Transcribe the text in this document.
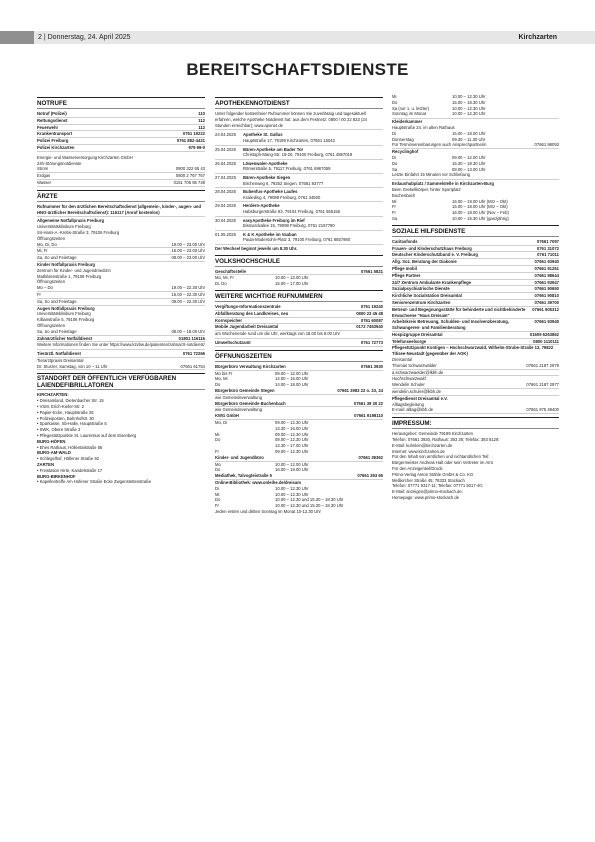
2 | Donnerstag, 24. April 2025	Kirchzarten
BEREITSCHAFTSDIENSTE
NOTRUFE
Notruf (Polizei)	110
Rettungsdienst	112
Feuerwehr	112
Krankentransport	0761 19222
Polizei Freiburg	0761 882-4421
Polizei Kirchzarten	979 99-0
Energie- und Wasserversorgung Kirchzarten GmbH
24h-Störungsnotdienste
Strom	0800 322 55 43
Erdgas	0800 2 767 767
Wasser	0151 705 95 748
ÄRZTE
Rufnummer für den ärztlichen Bereitschaftsdienst (allgemein-, kinder-, augen- und HNO-ärztlicher Bereitschaftsdienst): 116117 (Anruf kostenlos)
Allgemeine Notfallpraxis Freiburg
Universitätsklinikum Freiburg
Sir-Hans-A.-Krebs-Straße 3, 79106 Freiburg
Öffnungszeiten
Mo, Di, Do	19.00 – 23.00 Uhr
Mi, Fr	16.00 – 23.00 Uhr
Sa, So und Feiertage	08.00 – 23.00 Uhr
Kinder Notfallpraxis Freiburg
Zentrum für Kinder- und Jugendmedizin
Mathildenstraße 1, 79106 Freiburg
Öffnungszeiten
Mo – Do	19.00 – 22.30 Uhr
Fr	16.00 – 22.30 Uhr
Sa, So und Feiertage	09.00 – 22.30 Uhr
Augen Notfallpraxis Freiburg
Universitätsklinikum Freiburg
Killianstraße 5, 79106 Freiburg
Öffnungszeiten
Sa, So und Feiertage	08.00 – 18.00 Uhr
Zahnärztlicher Notfalldienst	01801 116116
Weitere Informationen finden Sie unter https://www.kzvbw.de/patienten/zahnarzt-notdienst/
Tierärztl. Notfalldienst	0761 72266
Tierarztpraxis Dreisamtal
Dr. Sturzer, Samstag, von 10 – 11 Uhr	07661 61754
STANDORT DER ÖFFENTLICH VERFÜGBAREN LAIENDEFIBRILLATOREN
KIRCHZARTEN:
• Dreisamland, Dietenbacher Str. 15
• VSM, Erich-Kiefer-Str. 2
• Papier-Ecke, Hauptstraße 26
• Polizeiposten, Bahnhofstr. 30
• Sparkasse, Sb-Halle, Hauptstraße 5
• SWK, Obere Straße 3
• Pflegestützpunkte St. Laurentius auf dem Eisenberg
BURG-HÖFEN
• Ehes Rathaus, Höllentalstraße 56
BURG-AM-WALD
• Schlegelhof, Höllener Straße 92
ZARTEN
• Freistation Hirte, Kandelstraße 17
BURG-BIRKENHOF
• Kapellentreffe Am Hofener Straße Ecke Zwgenstettenstraße
APOTHEKENNOTDIENST
Unter folgender kostenfreier Rufnummer können Sie zuverlässig und tagesaktuell erfahren, welche Apotheke Notdienst hat: aus dem Festnetz: 0800 / 00 22 833 (24 Stunden erreichbar); www.aponet.de
24.04.2025	Apotheke St. Gallus
Hauptstraße 17, 79199 Kirchzarten, 07661 15042
25.04.2025	Bären-Apotheke am Bader Tor
Christoph-Mang-Str. 18-20, 79100 Freiburg, 0761 4887019
26.04.2025	Löwenwaler-Apotheke
Römerstraße 5, 79117 Freiburg, 0761 6967059
27.04.2025	Bären-Apotheke Siegen
Birchenweg 6, 79252 Siegen, 07681 93777
28.04.2025	Bubenfus-Apotheke Laufes
Kraileding 4, 79098 Freiburg, 0761 34500
29.04.2025	Herdern-Apotheke
Habsburgerstraße 93, 79104 Freiburg, 0761 555150
30.04.2025	easyApotheke Freiburg im Rief
Bismarckallee 15, 79098 Freiburg, 0761 2167780
01.05.2025	K & K Apotheke im Vauban
Paula-Modersohn-Platz 3, 79100 Freiburg, 0761 8857980
Der Wechsel beginnt jeweils um 8.30 Uhr.
VOLKSHOCHSCHULE
Geschäftsstelle	07661 5821
Mo, Mi, Fr	10.00 – 13.00 Uhr
Di, Do	15.00 – 17.00 Uhr
WEITERE WICHTIGE RUFNUMMERN
Vergiftungs-Informationszentrale	0761 19240
Abfallberatung des Landkreises, neu	0800 23 45 48
Kornspeicher	0761 60087
Mobile Jugendarbeit Dreisamtal	0172 7453940
am Wochenende rund um die Uhr, werktags von 18.00 bis 8.00 Uhr
Umweltschutzamt	0761 72773
ÖFFNUNGSZEITEN
Bürgerbüro Verwaltung Kirchzarten	07661 3930
Mo bis Fr	08.00 – 12.00 Uhr
Mo, Mi	14.00 – 16.00 Uhr
Do	14.00 – 18.00 Uhr
Bürgerbüro Gemeinde Stegen	07661 3983 22 o. 23, 24
wie Gemeindeverwaltung
Bürgerbüro Gemeinde Buchenbach	07661 39 30 22
wie Gemeindeverwaltung
KWG GmbH	07661 9198110
Mo, Di	09.00 – 12.30 Uhr
13.30 – 16.00 Uhr
Mi	09.00 – 12.30 Uhr
Do	09.00 – 12.30 Uhr
13.30 – 17.00 Uhr
Fr	09.00 – 12.30 Uhr
Kinder- und Jugendbüro	07661 39362
Mo	10.00 – 12.00 Uhr
Do	16.00 – 18.00 Uhr
Mediathek, Talvogteistraße 5	07661 393 65
Online-Bibliothek: www.onleihe.de/dreisam
Di	10.00 – 12.30 Uhr
Mi	10.00 – 12.30 Uhr
Do	10.00 – 12.30 und 15.30 – 18.30 Uhr
Fr	10.00 – 12.30 und 15.30 – 18.30 Uhr
Jeden ersten und dritten Sonntag im Monat 10-12.30 Uhr
Mi	10.00 – 12.30 Uhr
Do	15.00 – 18.30 Uhr
Sa (nur 1. u. letzter)	10.00 – 12.30 Uhr
Sonntag im Monat	10.00 – 12.30 Uhr
Kleiderkammer
Hauptstraße 24, im alten Rathaus
Di	15.00 – 18.00 Uhr
Donnerstag	09.30 – 11.30 Uhr
Für Terminvereinbarungen auch Ansprechpartnerin	07661 98093
Recyclinghof
Di	09.00 – 12.00 Uhr
Do	15.30 – 18.30 Uhr
Sa	08.00 – 13.00 Uhr
Letzte Einfahrt 15 Minuten vor Schließung
Erdaushubplatz / Sammelstelle in Kirchzarten-Burg
Beim Grebellkörper, hinter Sportplatz
Buchenbach
Mi	16.00 – 19.00 Uhr (Mrz – Okt)
Fr	15.00 – 18.00 Uhr (Mrz – Okt)
Fr	16.00 – 18.00 Uhr (Nov – Feb)
Sa	10.00 – 15.30 Uhr (ganzjährig)
SOZIALE HILFSDIENSTE
Caritasfonds	07661 7097
Frauen- und Kinderschutzhaus Freiburg	0761 31072
Deutscher Kinderschutzbund e. V. Freiburg	0761 71011
Allg. Soz. Beratung der Diakonie	07661 93940
Pflege mobil	07661 91261
Pflege Partner	07661 98644
24/7 Zentrum Ambulante Krankenpflege	07661 93947
Sozialpsychiatrische Dienste	07661 90650
Kirchliche Sozialstation Dreisamtal	07661 90810
Seniorenzentrum Kirchzarten	07661 39700
Betreut- und Begegnungsstätte für behinderte und nichtbehinderte Erwachsene "Haus Dreisam"
07661 905312
Arbeitskreis Betreuung, Schulden- und Insolvenzberatung, Schwangeren- und Familienberatung
07661 93940
Hospizgruppe Dreisamtal	01609 6263862
Telefonseelsorge	0800 1110111
Pflegestützpunkt Kontigen – Hochschwarzwald, Wilhelm-Strube-Straße 13, 79822 Titisee-Neustadt (gegenüber der AOK)
Dreisamtal
Thomas Schwarzwälder	07661 2187 2979
a.schwarzwaelder@lkbh.de
Hochschwarzwald
Wendelin Schuler	07661 2187 2977
wendelin.schuler@lkbh.de
Pflegedienst Dreisamtal e.V.
Alltagsbegleitung
E-mail: alltag@kbh.de	07661 975 49400
IMPRESSUM:
Herausgeber: Gemeinde 79199 Kirchzarten
Telefon: 07661 3930, Rathaus: 393 29; Telefax: 393 8129;
E-Mail: kuhnlein@kirchzarten.de
Internet: www.kirchzarten.de
Für den Inhalt von amtlichen und nichtamtlichen Teil:
Bürgermeister Andreas Hall oder sein Vertreter im Amt
Für den Anzeigenteil/Druck:
Primo-Verlag Anton Stähle GmbH & Co. KG
Meßkircher Straße 45; 78333 Stockach
Telefon: 07771 9317-11; Telefax: 07771 9317-40;
E-Mail: anzeigen@primo-stockach.de;
Homepage: www.primo-stockach.de
